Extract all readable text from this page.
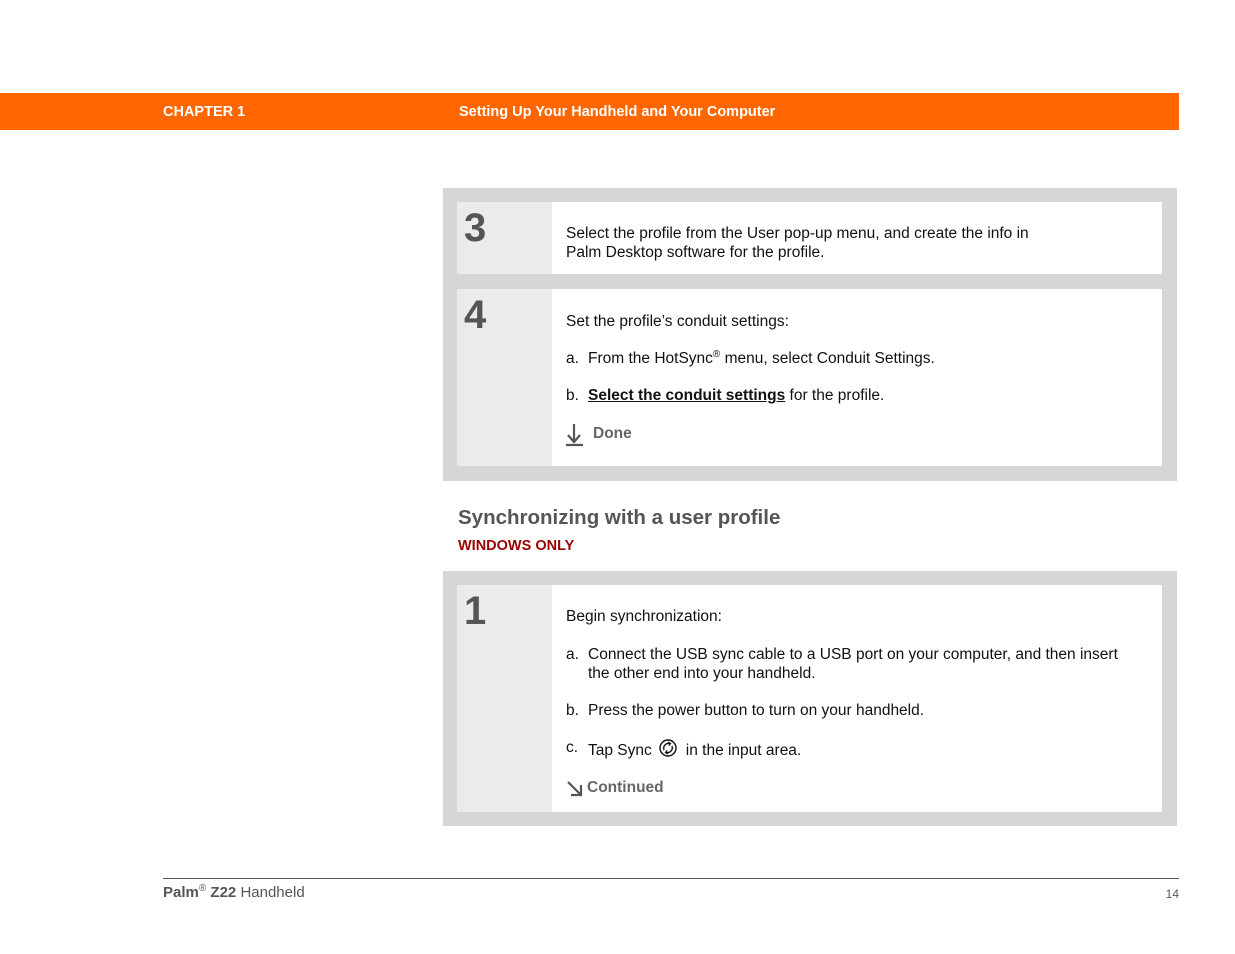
CHAPTER 1	Setting Up Your Handheld and Your Computer
3	Select the profile from the User pop-up menu, and create the info in
Palm Desktop software for the profile.
4	Set the profile’s conduit settings:
a. From the HotSync® menu, select Conduit Settings.
b. Select the conduit settings for the profile.
Done
Synchronizing with a user profile
WINDOWS ONLY
1	Begin synchronization:
a. Connect the USB sync cable to a USB port on your computer, and then insert
the other end into your handheld.
b. Press the power button to turn on your handheld.
c. Tap Sync in the input area.
Continued
Palm® Z22 Handheld	14
